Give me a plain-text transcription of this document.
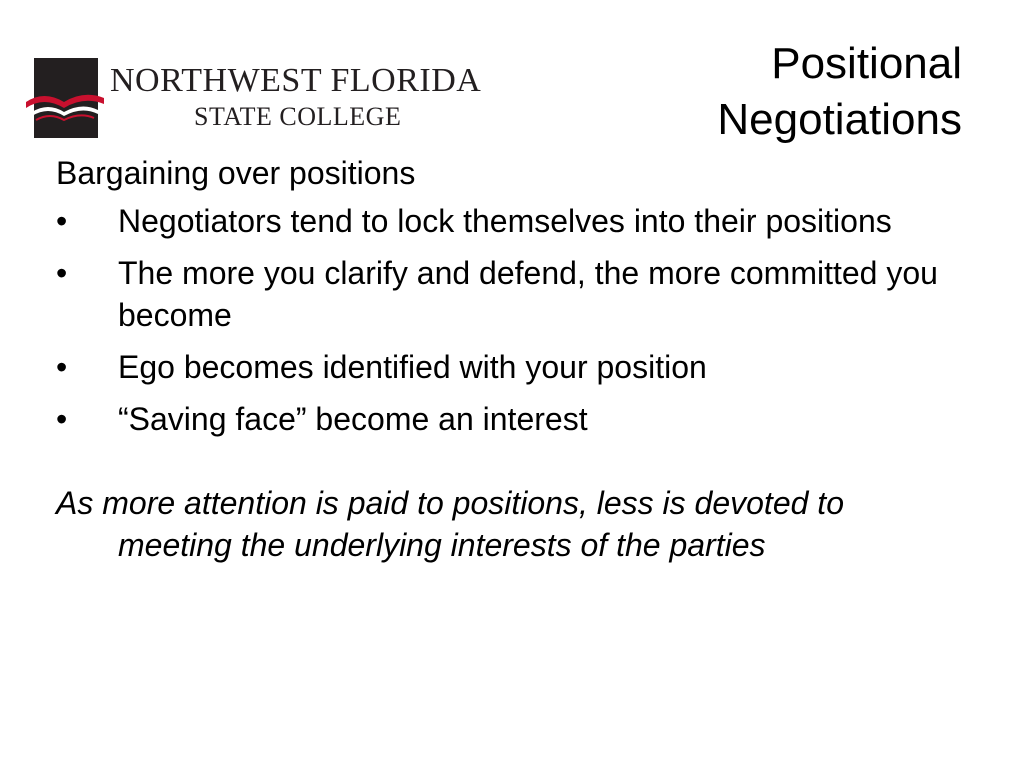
NORTHWEST FLORIDA
STATE COLLEGE
Positional
Negotiations
Bargaining over positions
• Negotiators tend to lock themselves into their positions
• The more you clarify and defend, the more committed you become
• Ego becomes identified with your position
• “Saving face” become an interest
As more attention is paid to positions, less is devoted to meeting the underlying interests of the parties
